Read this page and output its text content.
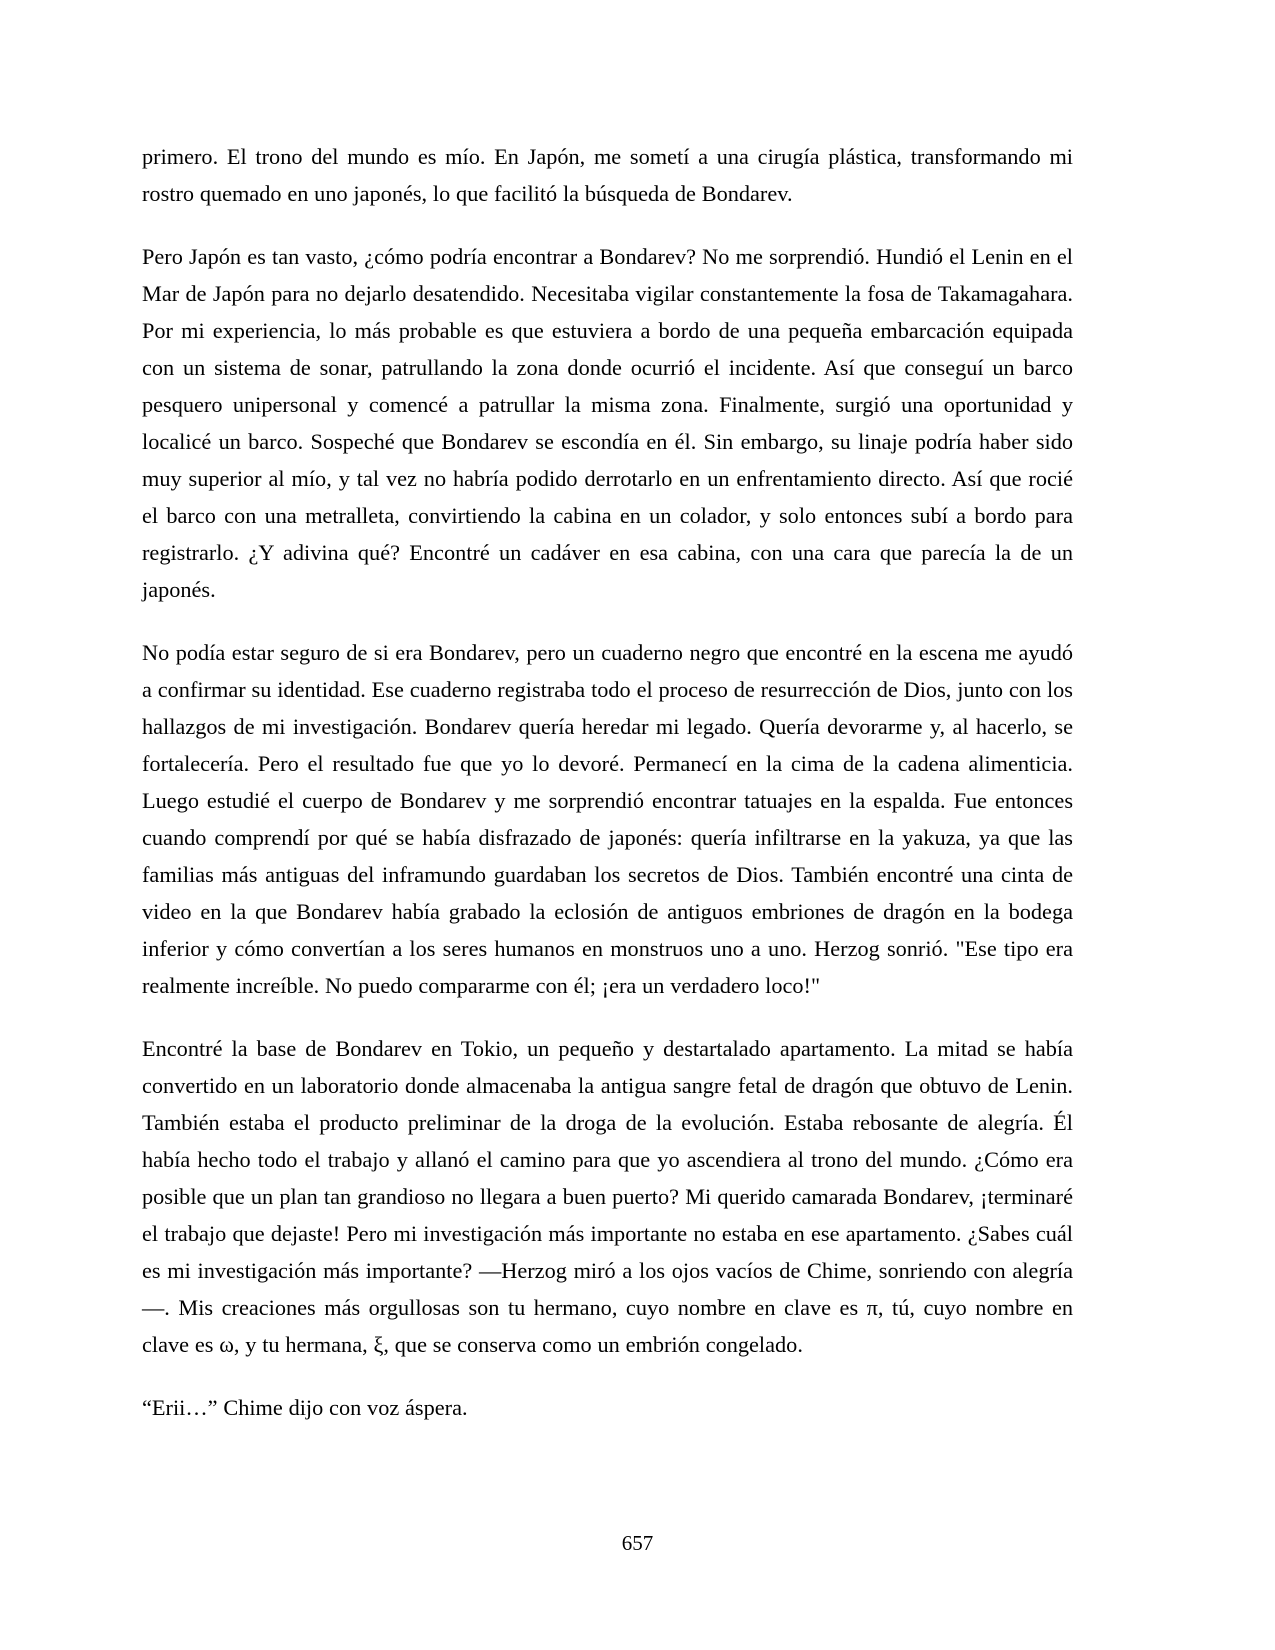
primero. El trono del mundo es mío. En Japón, me sometí a una cirugía plástica, transformando mi rostro quemado en uno japonés, lo que facilitó la búsqueda de Bondarev.

Pero Japón es tan vasto, ¿cómo podría encontrar a Bondarev? No me sorprendió. Hundió el Lenin en el Mar de Japón para no dejarlo desatendido. Necesitaba vigilar constantemente la fosa de Takamagahara. Por mi experiencia, lo más probable es que estuviera a bordo de una pequeña embarcación equipada con un sistema de sonar, patrullando la zona donde ocurrió el incidente. Así que conseguí un barco pesquero unipersonal y comencé a patrullar la misma zona. Finalmente, surgió una oportunidad y localicé un barco. Sospeché que Bondarev se escondía en él. Sin embargo, su linaje podría haber sido muy superior al mío, y tal vez no habría podido derrotarlo en un enfrentamiento directo. Así que rocié el barco con una metralleta, convirtiendo la cabina en un colador, y solo entonces subí a bordo para registrarlo. ¿Y adivina qué? Encontré un cadáver en esa cabina, con una cara que parecía la de un japonés.

No podía estar seguro de si era Bondarev, pero un cuaderno negro que encontré en la escena me ayudó a confirmar su identidad. Ese cuaderno registraba todo el proceso de resurrección de Dios, junto con los hallazgos de mi investigación. Bondarev quería heredar mi legado. Quería devorarme y, al hacerlo, se fortalecería. Pero el resultado fue que yo lo devoré. Permanecí en la cima de la cadena alimenticia. Luego estudié el cuerpo de Bondarev y me sorprendió encontrar tatuajes en la espalda. Fue entonces cuando comprendí por qué se había disfrazado de japonés: quería infiltrarse en la yakuza, ya que las familias más antiguas del inframundo guardaban los secretos de Dios. También encontré una cinta de video en la que Bondarev había grabado la eclosión de antiguos embriones de dragón en la bodega inferior y cómo convertían a los seres humanos en monstruos uno a uno. Herzog sonrió. "Ese tipo era realmente increíble. No puedo compararme con él; ¡era un verdadero loco!"

Encontré la base de Bondarev en Tokio, un pequeño y destartalado apartamento. La mitad se había convertido en un laboratorio donde almacenaba la antigua sangre fetal de dragón que obtuvo de Lenin. También estaba el producto preliminar de la droga de la evolución. Estaba rebosante de alegría. Él había hecho todo el trabajo y allanó el camino para que yo ascendiera al trono del mundo. ¿Cómo era posible que un plan tan grandioso no llegara a buen puerto? Mi querido camarada Bondarev, ¡terminaré el trabajo que dejaste! Pero mi investigación más importante no estaba en ese apartamento. ¿Sabes cuál es mi investigación más importante? —Herzog miró a los ojos vacíos de Chime, sonriendo con alegría—. Mis creaciones más orgullosas son tu hermano, cuyo nombre en clave es π, tú, cuyo nombre en clave es ω, y tu hermana, ξ, que se conserva como un embrión congelado.

“Erii…” Chime dijo con voz áspera.

657
